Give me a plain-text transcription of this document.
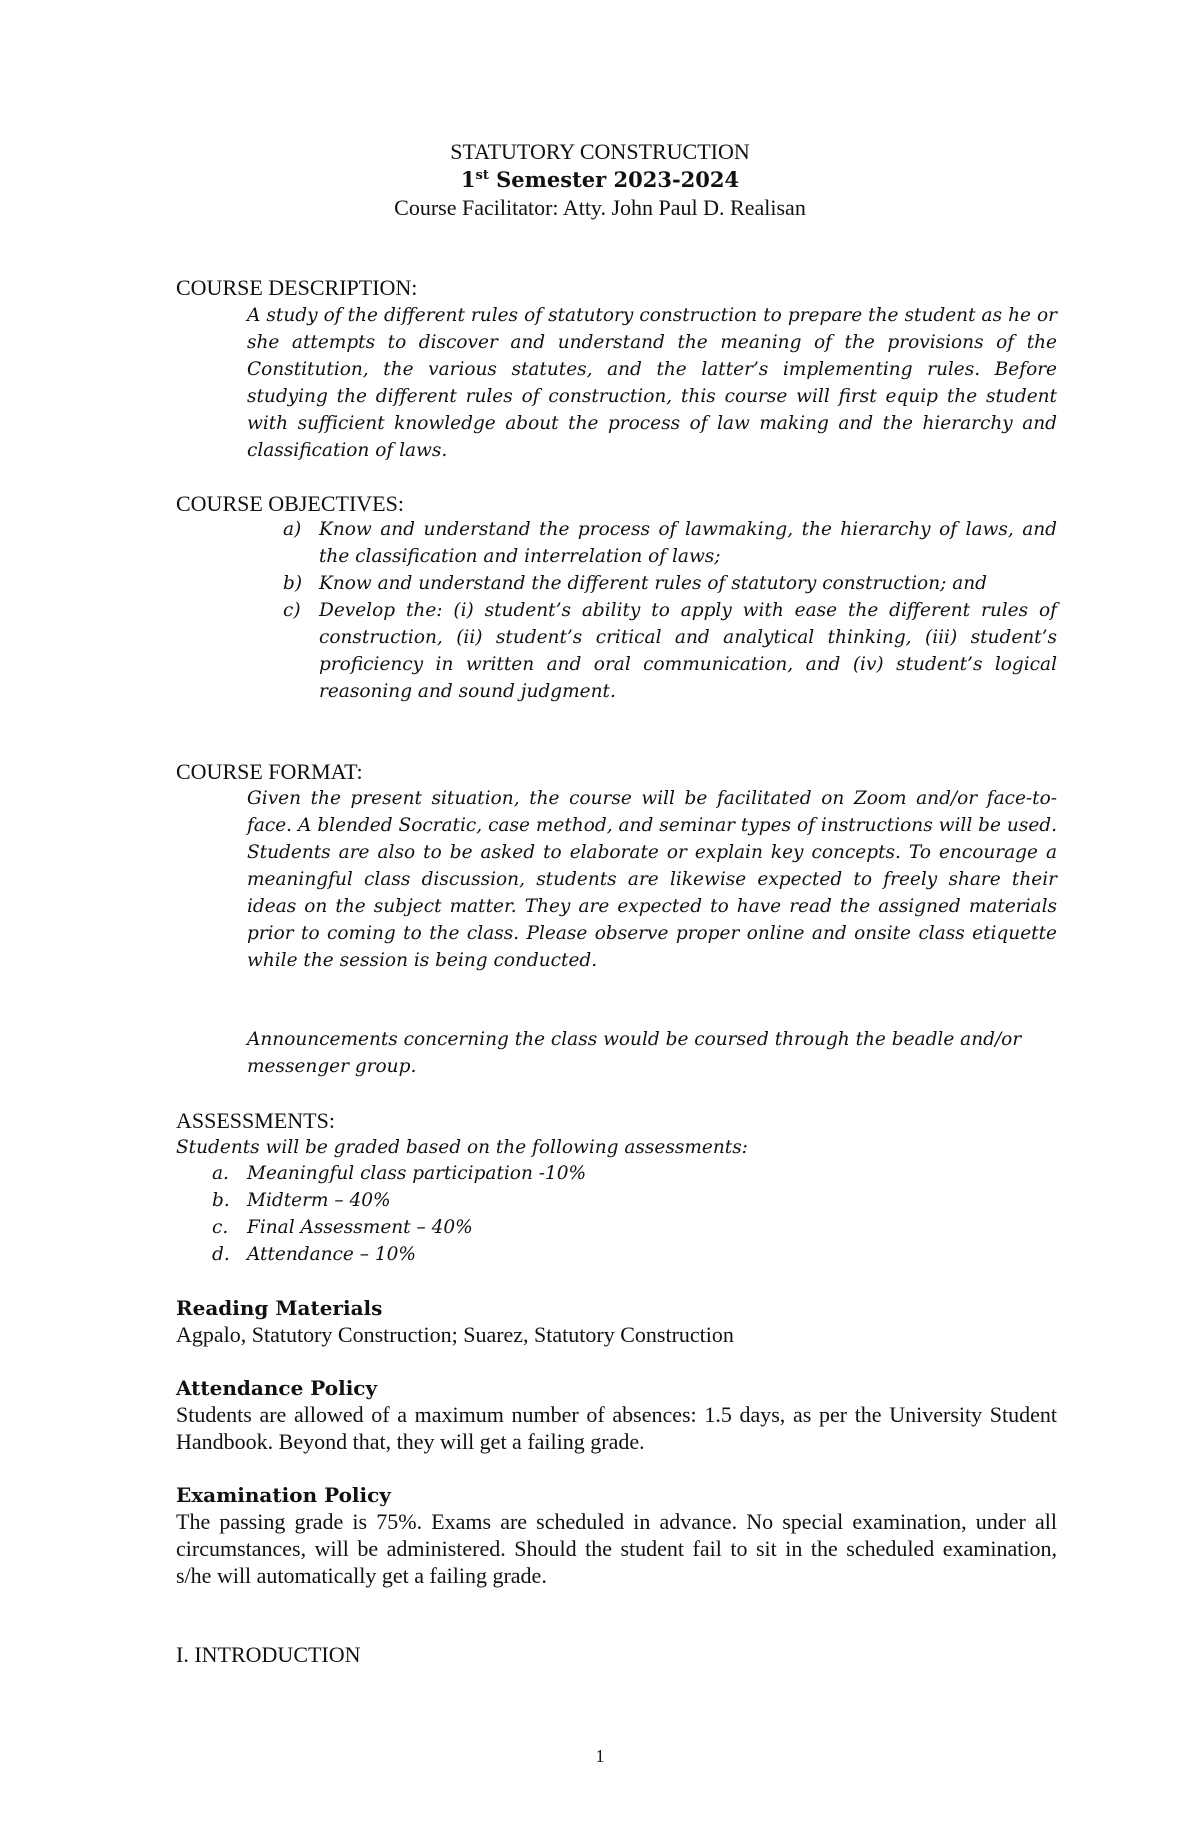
STATUTORY CONSTRUCTION
1st Semester 2023-2024
Course Facilitator: Atty. John Paul D. Realisan
COURSE DESCRIPTION:
A study of the different rules of statutory construction to prepare the student as he or she attempts to discover and understand the meaning of the provisions of the Constitution, the various statutes, and the latter’s implementing rules. Before studying the different rules of construction, this course will first equip the student with sufficient knowledge about the process of law making and the hierarchy and classification of laws.
COURSE OBJECTIVES:
a) Know and understand the process of lawmaking, the hierarchy of laws, and the classification and interrelation of laws;
b) Know and understand the different rules of statutory construction; and
c) Develop the: (i) student’s ability to apply with ease the different rules of construction, (ii) student’s critical and analytical thinking, (iii) student’s proficiency in written and oral communication, and (iv) student’s logical reasoning and sound judgment.
COURSE FORMAT:
Given the present situation, the course will be facilitated on Zoom and/or face-to-face. A blended Socratic, case method, and seminar types of instructions will be used. Students are also to be asked to elaborate or explain key concepts. To encourage a meaningful class discussion, students are likewise expected to freely share their ideas on the subject matter. They are expected to have read the assigned materials prior to coming to the class. Please observe proper online and onsite class etiquette while the session is being conducted.
Announcements concerning the class would be coursed through the beadle and/or messenger group.
ASSESSMENTS:
Students will be graded based on the following assessments:
a. Meaningful class participation -10%
b. Midterm – 40%
c. Final Assessment – 40%
d. Attendance – 10%
Reading Materials
Agpalo, Statutory Construction; Suarez, Statutory Construction
Attendance Policy
Students are allowed of a maximum number of absences: 1.5 days, as per the University Student Handbook. Beyond that, they will get a failing grade.
Examination Policy
The passing grade is 75%. Exams are scheduled in advance. No special examination, under all circumstances, will be administered. Should the student fail to sit in the scheduled examination, s/he will automatically get a failing grade.
I. INTRODUCTION
1
